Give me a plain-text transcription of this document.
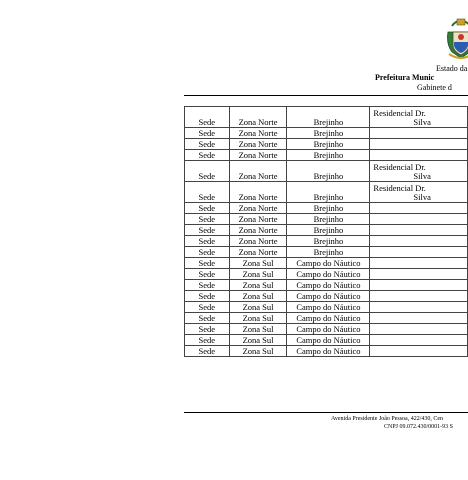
Estado da
Prefeitura Munic
Gabinete d
Sede	Zona Norte	Brejinho	Residencial Dr.
Silva

Sede	Zona Norte	Brejinho	

Sede	Zona Norte	Brejinho	

Sede	Zona Norte	Brejinho	

Sede	Zona Norte	Brejinho	Residencial Dr.
Silva

Sede	Zona Norte	Brejinho	Residencial Dr.
Silva

Sede	Zona Norte	Brejinho	

Sede	Zona Norte	Brejinho	

Sede	Zona Norte	Brejinho	

Sede	Zona Norte	Brejinho	

Sede	Zona Norte	Brejinho	

Sede	Zona Sul	Campo do Náutico	

Sede	Zona Sul	Campo do Náutico	

Sede	Zona Sul	Campo do Náutico	

Sede	Zona Sul	Campo do Náutico	

Sede	Zona Sul	Campo do Náutico	

Sede	Zona Sul	Campo do Náutico	

Sede	Zona Sul	Campo do Náutico	

Sede	Zona Sul	Campo do Náutico	

Sede	Zona Sul	Campo do Náutico	
Avenida Presidente João Pessoa, 422/430, Cen
CNPJ 09.072.430/0001-93 S
